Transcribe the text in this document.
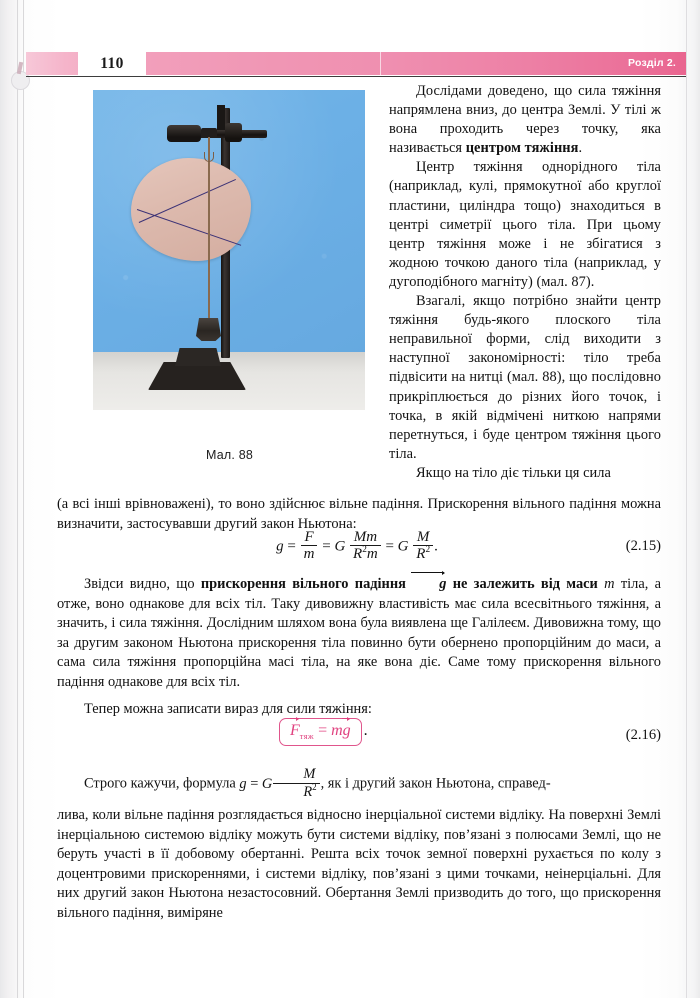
110	Розділ 2.
Мал. 88

Дослідами доведено, що сила тяжіння напрямлена вниз, до центра Землі. У тілі ж вона проходить через точку, яка називається центром тяжіння.

Центр тяжіння однорідного тіла (наприклад, кулі, прямокутної або круглої пластини, циліндра тощо) знаходиться в центрі симетрії цього тіла. При цьому центр тяжіння може і не збігатися з жодною точкою даного тіла (наприклад, у дугоподібного магніту) (мал. 87).

Взагалі, якщо потрібно знайти центр тяжіння будь-якого плоского тіла неправильної форми, слід виходити з наступної закономірності: тіло треба підвісити на нитці (мал. 88), що послідовно прикріплюється до різних його точок, і точка, в якій відмічені ниткою напрями перетнуться, і буде центром тяжіння цього тіла.

Якщо на тіло діє тільки ця сила

(а всі інші врівноважені), то воно здійснює вільне падіння. Прискорення вільного падіння можна визначити, застосувавши другий закон Ньютона:

$g = \frac{F}{m} = G \frac{Mm}{R^2m} = G \frac{M}{R^2}$ .	(2.15)

Звідси видно, що прискорення вільного падіння g не залежить від маси m тіла, а отже, воно однакове для всіх тіл. Таку дивовижну властивість має сила всесвітнього тяжіння, а значить, і сила тяжіння. Дослідним шляхом вона була виявлена ще Галілеєм. Дивовижна тому, що за другим законом Ньютона прискорення тіла повинно бути обернено пропорційним до маси, а сама сила тяжіння пропорційна масі тіла, на яке вона діє. Саме тому прискорення вільного падіння однакове для всіх тіл.

Тепер можна записати вираз для сили тяжіння:

$F_{тяж}$ = mg .	(2.16)

Строго кажучи, формула g = G $\frac{M}{R^2}$ , як і другий закон Ньютона, справед-

лива, коли вільне падіння розглядається відносно інерціальної системи відліку. На поверхні Землі інерціальною системою відліку можуть бути системи відліку, пов’язані з полюсами Землі, що не беруть участі в її добовому обертанні. Решта всіх точок земної поверхні рухається по колу з доцентровими прискореннями, і системи відліку, пов’язані з цими точками, неінерціальні. Для них другий закон Ньютона незастосовний. Обертання Землі призводить до того, що прискорення вільного падіння, виміряне
